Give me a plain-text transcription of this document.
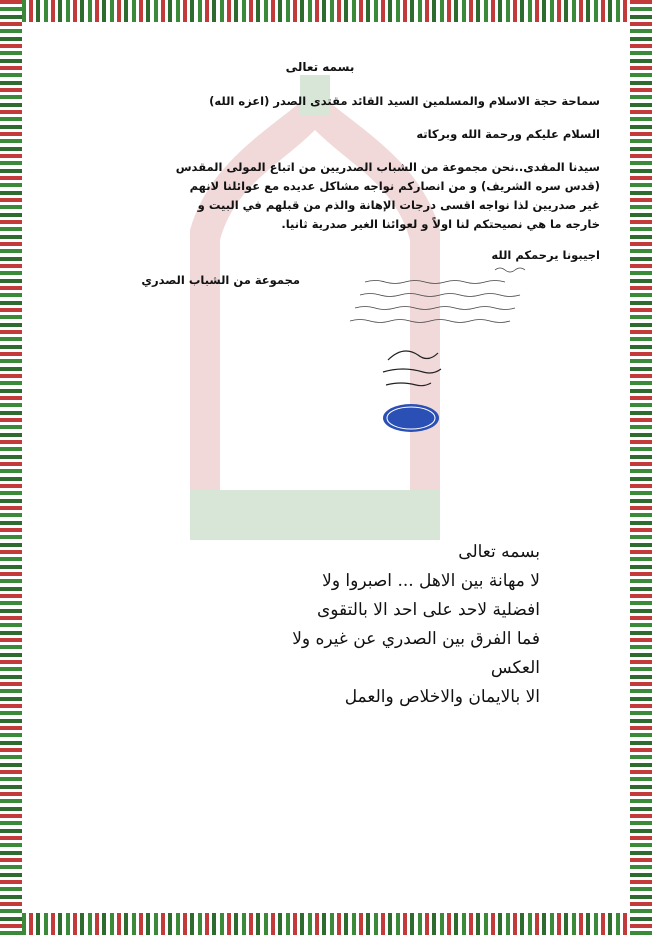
بسمه تعالى
سماحة حجة الاسلام والمسلمين السيد القائد مقتدى الصدر (اعزه الله)
السلام عليكم ورحمة الله وبركاته
سيدنا المفدى..نحن مجموعة من الشباب الصدريين من اتباع المولى المقدس (قدس سره الشريف) و من انصاركم نواجه مشاكل عديده مع عوائلنا لانهم غير صدريين لذا نواجه اقسى درجات الإهانة والذم من قبلهم في البيت و خارجه ما هي نصيحتكم لنا اولاً و لعوائنا الغير صدرية ثانيا.
اجيبونا يرحمكم الله
مجموعة من الشباب الصدري
بسمه تعالى
لا مهانة بين الاهل ... اصبروا ولا
افضلية لاحد على احد الا بالتقوى
فما الفرق بين الصدري عن غيره ولا العكس
الا بالايمان والاخلاص والعمل
